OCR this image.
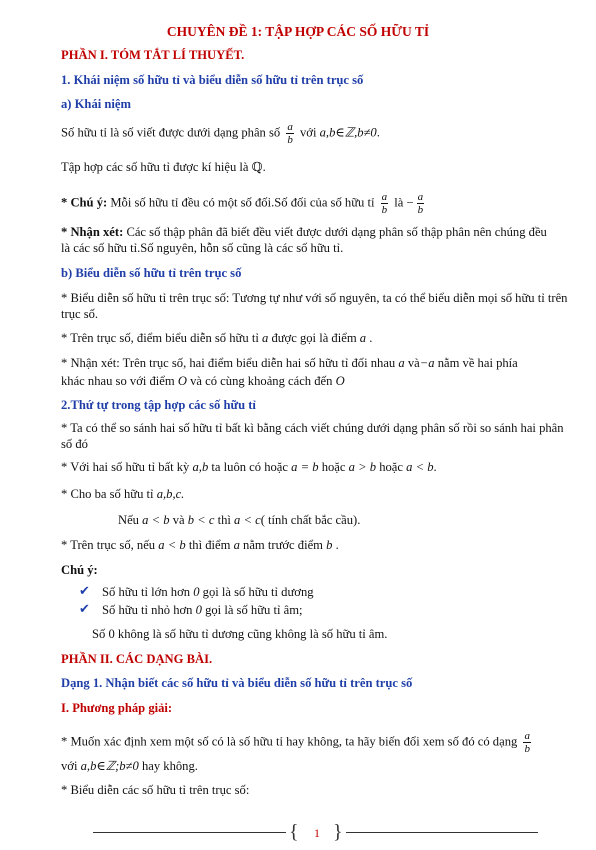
CHUYÊN ĐỀ 1: TẬP HỢP CÁC SỐ HỮU TỈ
PHẦN I. TÓM TẮT LÍ THUYẾT.
1. Khái niệm số hữu tỉ và biểu diễn số hữu tỉ trên trục số
a) Khái niệm
Số hữu tỉ là số viết được dưới dạng phân số $\frac{a}{b}$ với a,b∈ℤ,b≠0.
Tập hợp các số hữu tỉ được kí hiệu là ℚ.
* Chú ý: Mỗi số hữu tỉ đều có một số đối.Số đối của số hữu tỉ $\frac{a}{b}$ là − $\frac{a}{b}$
* Nhận xét: Các số thập phân đã biết đều viết được dưới dạng phân số thập phân nên chúng đều là các số hữu tỉ.Số nguyên, hỗn số cũng là các số hữu tỉ.
b) Biểu diễn số hữu tỉ trên trục số
* Biểu diễn số hữu tỉ trên trục số: Tương tự như với số nguyên, ta có thể biểu diễn mọi số hữu tỉ trên trục số.
* Trên trục số, điểm biểu diễn số hữu tỉ a được gọi là điểm a .
* Nhận xét: Trên trục số, hai điểm biểu diễn hai số hữu tỉ đối nhau a và−a nằm về hai phía
khác nhau so với điểm O và có cùng khoảng cách đến O
2.Thứ tự trong tập hợp các số hữu tỉ
* Ta có thể so sánh hai số hữu tỉ bất kì bằng cách viết chúng dưới dạng phân số rồi so sánh hai phân số đó
* Với hai số hữu tỉ bất kỳ a,b ta luôn có hoặc a = b hoặc a > b hoặc a < b.
* Cho ba số hữu tỉ a,b,c.
Nếu a < b và b < c thì a < c( tính chất bắc cầu).
* Trên trục số, nếu a < b thì điểm a nằm trước điểm b .
Chú ý:
✔ Số hữu tỉ lớn hơn 0 gọi là số hữu tỉ dương
✔ Số hữu tỉ nhỏ hơn 0 gọi là số hữu tỉ âm;
Số 0 không là số hữu tỉ dương cũng không là số hữu tỉ âm.
PHẦN II. CÁC DẠNG BÀI.
Dạng 1. Nhận biết các số hữu tỉ và biểu diễn số hữu tỉ trên trục số
I. Phương pháp giải:
* Muốn xác định xem một số có là số hữu tỉ hay không, ta hãy biến đổi xem số đó có dạng $\frac{a}{b}$
với a,b∈ℤ;b≠0 hay không.
* Biểu diễn các số hữu tỉ trên trục số:
{	1 }
